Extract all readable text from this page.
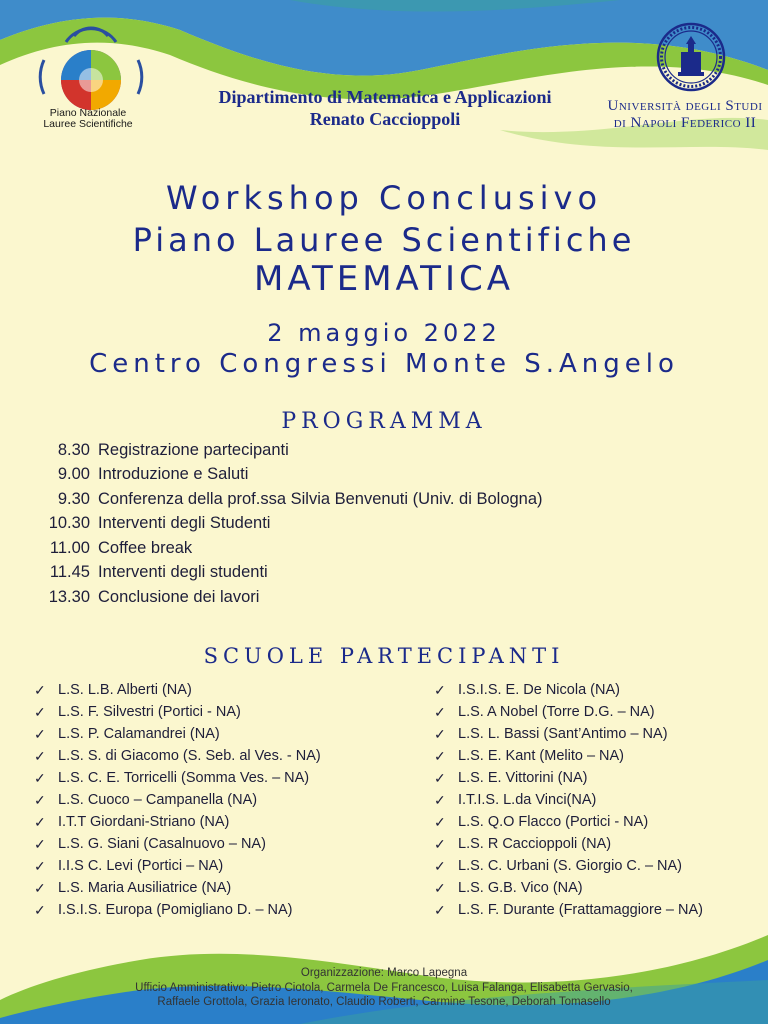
Piano Nazionale
Lauree Scientifiche
Dipartimento di Matematica e Applicazioni
Renato Caccioppoli
Università degli Studi
di Napoli Federico II
Workshop Conclusivo
Piano Lauree Scientifiche
MATEMATICA
2 maggio 2022
Centro Congressi Monte S.Angelo
PROGRAMMA
8.30 Registrazione partecipanti
9.00 Introduzione e Saluti
9.30 Conferenza della prof.ssa Silvia Benvenuti (Univ. di Bologna)
10.30 Interventi degli Studenti
11.00 Coffee break
11.45 Interventi degli studenti
13.30 Conclusione dei lavori
SCUOLE PARTECIPANTI
✓ L.S. L.B. Alberti (NA)
✓ L.S. F. Silvestri (Portici - NA)
✓ L.S. P. Calamandrei (NA)
✓ L.S. S. di Giacomo (S. Seb. al Ves. - NA)
✓ L.S. C. E. Torricelli (Somma Ves. – NA)
✓ L.S. Cuoco – Campanella (NA)
✓ I.T.T Giordani-Striano (NA)
✓ L.S. G. Siani (Casalnuovo – NA)
✓ I.I.S C. Levi (Portici – NA)
✓ L.S. Maria Ausiliatrice (NA)
✓ I.S.I.S. Europa (Pomigliano D. – NA)
✓ I.S.I.S. E. De Nicola (NA)
✓ L.S. A Nobel (Torre D.G. – NA)
✓ L.S. L. Bassi (Sant’Antimo – NA)
✓ L.S. E. Kant (Melito – NA)
✓ L.S. E. Vittorini (NA)
✓ I.T.I.S. L.da Vinci(NA)
✓ L.S. Q.O Flacco (Portici - NA)
✓ L.S. R Caccioppoli (NA)
✓ L.S. C. Urbani (S. Giorgio C. – NA)
✓ L.S. G.B. Vico (NA)
✓ L.S. F. Durante (Frattamaggiore – NA)
Organizzazione: Marco Lapegna
Ufficio Amministrativo: Pietro Ciotola, Carmela De Francesco, Luisa Falanga, Elisabetta Gervasio,
Raffaele Grottola, Grazia Ieronato, Claudio Roberti, Carmine Tesone, Deborah Tomasello
